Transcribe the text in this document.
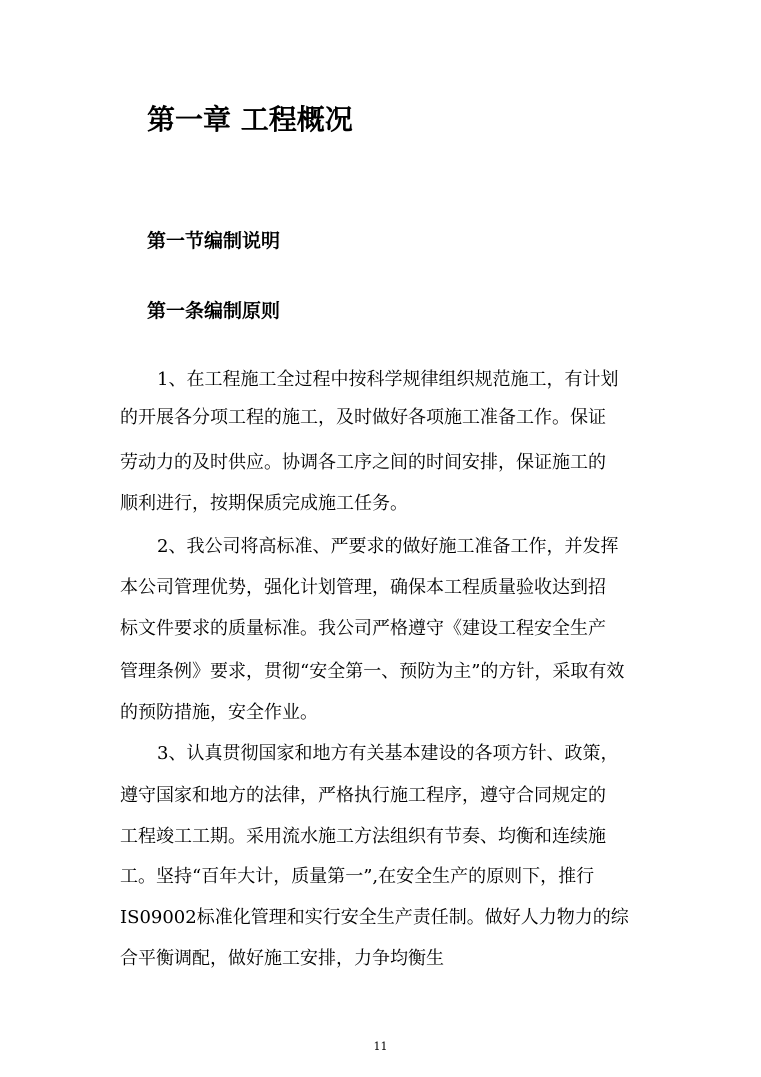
第一章 工程概况
第一节编制说明
第一条编制原则
1、在工程施工全过程中按科学规律组织规范施工，有计划
的开展各分项工程的施工，及时做好各项施工准备工作。保证
劳动力的及时供应。协调各工序之间的时间安排，保证施工的
顺利进行，按期保质完成施工任务。
2、我公司将高标准、严要求的做好施工准备工作，并发挥
本公司管理优势，强化计划管理，确保本工程质量验收达到招
标文件要求的质量标准。我公司严格遵守《建设工程安全生产
管理条例》要求，贯彻“安全第一、预防为主”的方针，采取有效
的预防措施，安全作业。
3、认真贯彻国家和地方有关基本建设的各项方针、政策，
遵守国家和地方的法律，严格执行施工程序，遵守合同规定的
工程竣工工期。采用流水施工方法组织有节奏、均衡和连续施
工。坚持“百年大计，质量第一”,在安全生产的原则下，推行
IS09002标准化管理和实行安全生产责任制。做好人力物力的综
合平衡调配，做好施工安排，力争均衡生
11
